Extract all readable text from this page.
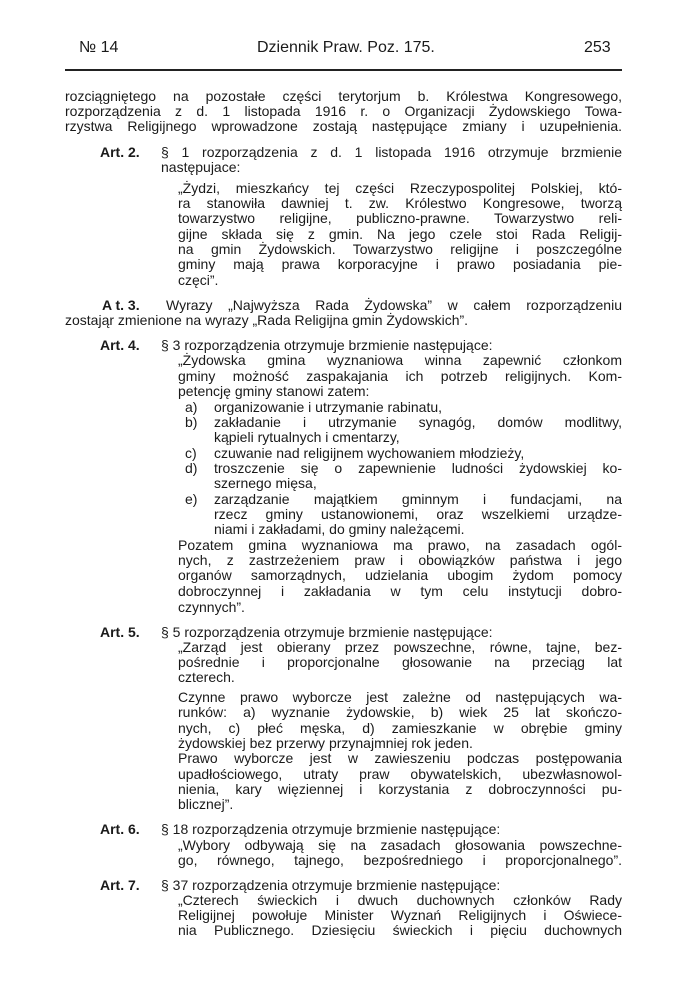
№ 14	Dziennik Praw. Poz. 175.	253
rozciągniętego na pozostałe części terytorjum b. Królestwa Kongresowego,
rozporządzenia z d. 1 listopada 1916 r. o Organizacji Żydowskiego Towa-
rzystwa Religijnego wprowadzone zostają następujące zmiany i uzupełnienia.
Art. 2. § 1 rozporządzenia z d. 1 listopada 1916 otrzymuje brzmienie
następujace:
„Żydzi, mieszkańcy tej części Rzeczypospolitej Polskiej, któ-
ra stanowiła dawniej t. zw. Królestwo Kongresowe, tworzą
towarzystwo religijne, publiczno-prawne. Towarzystwo reli-
gijne składa się z gmin. Na jego czele stoi Rada Religij-
na gmin Żydowskich. Towarzystwo religijne i poszczególne
gminy mają prawa korporacyjne i prawo posiadania pie-
częci”.
A t. 3. Wyrazy „Najwyższa Rada Żydowska” w całem rozporządzeniu
zostająr zmienione na wyrazy „Rada Religijna gmin Żydowskich”.
Art. 4. § 3 rozporządzenia otrzymuje brzmienie następujące:
„Żydowska gmina wyznaniowa winna zapewnić członkom
gminy możność zaspakajania ich potrzeb religijnych. Kom-
petencję gminy stanowi zatem:
a) organizowanie i utrzymanie rabinatu,
b) zakładanie i utrzymanie synagóg, domów modlitwy,
kąpieli rytualnych i cmentarzy,
c) czuwanie nad religijnem wychowaniem młodzieży,
d) troszczenie się o zapewnienie ludności żydowskiej ko-
szernego mięsa,
e) zarządzanie majątkiem gminnym i fundacjami, na
rzecz gminy ustanowionemi, oraz wszelkiemi urządze-
niami i zakładami, do gminy należącemi.
Pozatem gmina wyznaniowa ma prawo, na zasadach ogól-
nych, z zastrzeżeniem praw i obowiązków państwa i jego
organów samorządnych, udzielania ubogim żydom pomocy
dobroczynnej i zakładania w tym celu instytucji dobro-
czynnych”.
Art. 5. § 5 rozporządzenia otrzymuje brzmienie następujące:
„Zarząd jest obierany przez powszechne, równe, tajne, bez-
pośrednie i proporcjonalne głosowanie na przeciąg lat
czterech.
Czynne prawo wyborcze jest zależne od następujących wa-
runków: a) wyznanie żydowskie, b) wiek 25 lat skończo-
nych, c) płeć męska, d) zamieszkanie w obrębie gminy
żydowskiej bez przerwy przynajmniej rok jeden.
Prawo wyborcze jest w zawieszeniu podczas postępowania
upadłościowego, utraty praw obywatelskich, ubezwłasnowol-
nienia, kary więziennej i korzystania z dobroczynności pu-
blicznej”.
Art. 6. § 18 rozporządzenia otrzymuje brzmienie następujące:
„Wybory odbywają się na zasadach głosowania powszechne-
go, równego, tajnego, bezpośredniego i proporcjonalnego”.
Art. 7. § 37 rozporządzenia otrzymuje brzmienie następujące:
„Czterech świeckich i dwuch duchownych członków Rady
Religijnej powołuje Minister Wyznań Religijnych i Oświece-
nia Publicznego. Dziesięciu świeckich i pięciu duchownych
